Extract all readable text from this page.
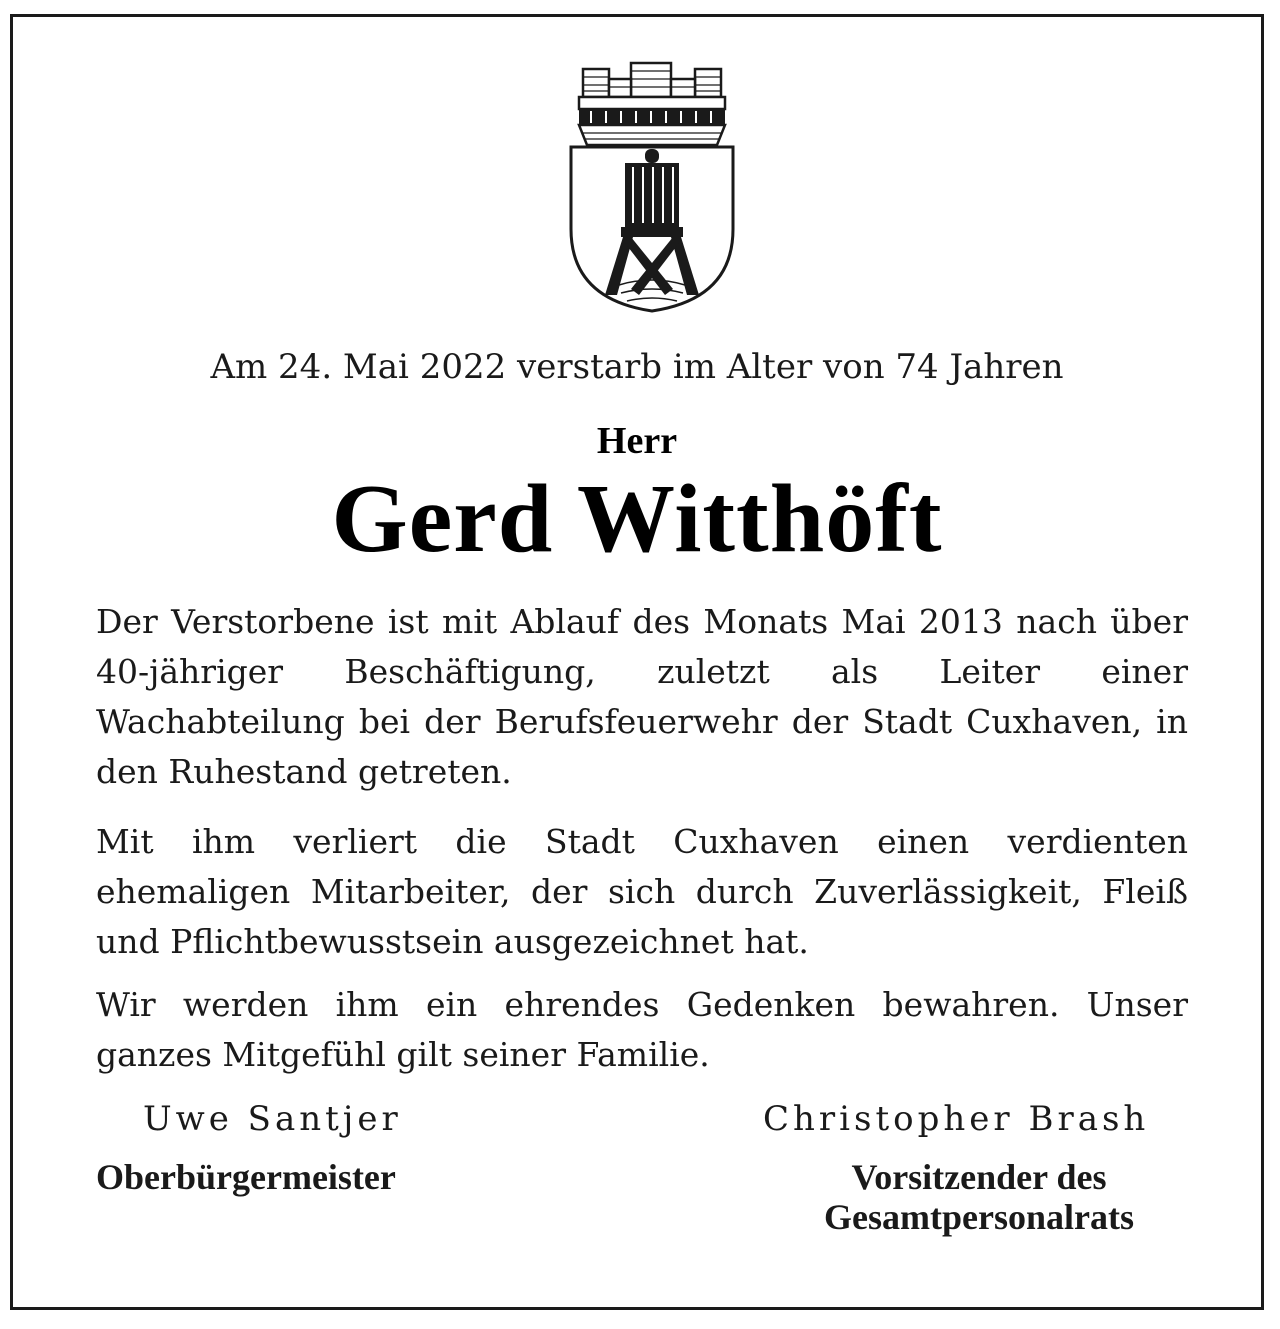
Am 24. Mai 2022 verstarb im Alter von 74 Jahren
Herr
Gerd Witthöft
Der Verstorbene ist mit Ablauf des Monats Mai 2013 nach über 40-jähriger Beschäftigung, zuletzt als Leiter einer Wachabteilung bei der Berufsfeuerwehr der Stadt Cuxhaven, in den Ruhestand getreten.
Mit ihm verliert die Stadt Cuxhaven einen verdienten ehemaligen Mitarbeiter, der sich durch Zuverlässigkeit, Fleiß und Pflichtbewusstsein ausgezeichnet hat.
Wir werden ihm ein ehrendes Gedenken bewahren. Unser ganzes Mitgefühl gilt seiner Familie.
Uwe Santjer	Christopher Brash
Oberbürgermeister	Vorsitzender des
Gesamtpersonalrats
